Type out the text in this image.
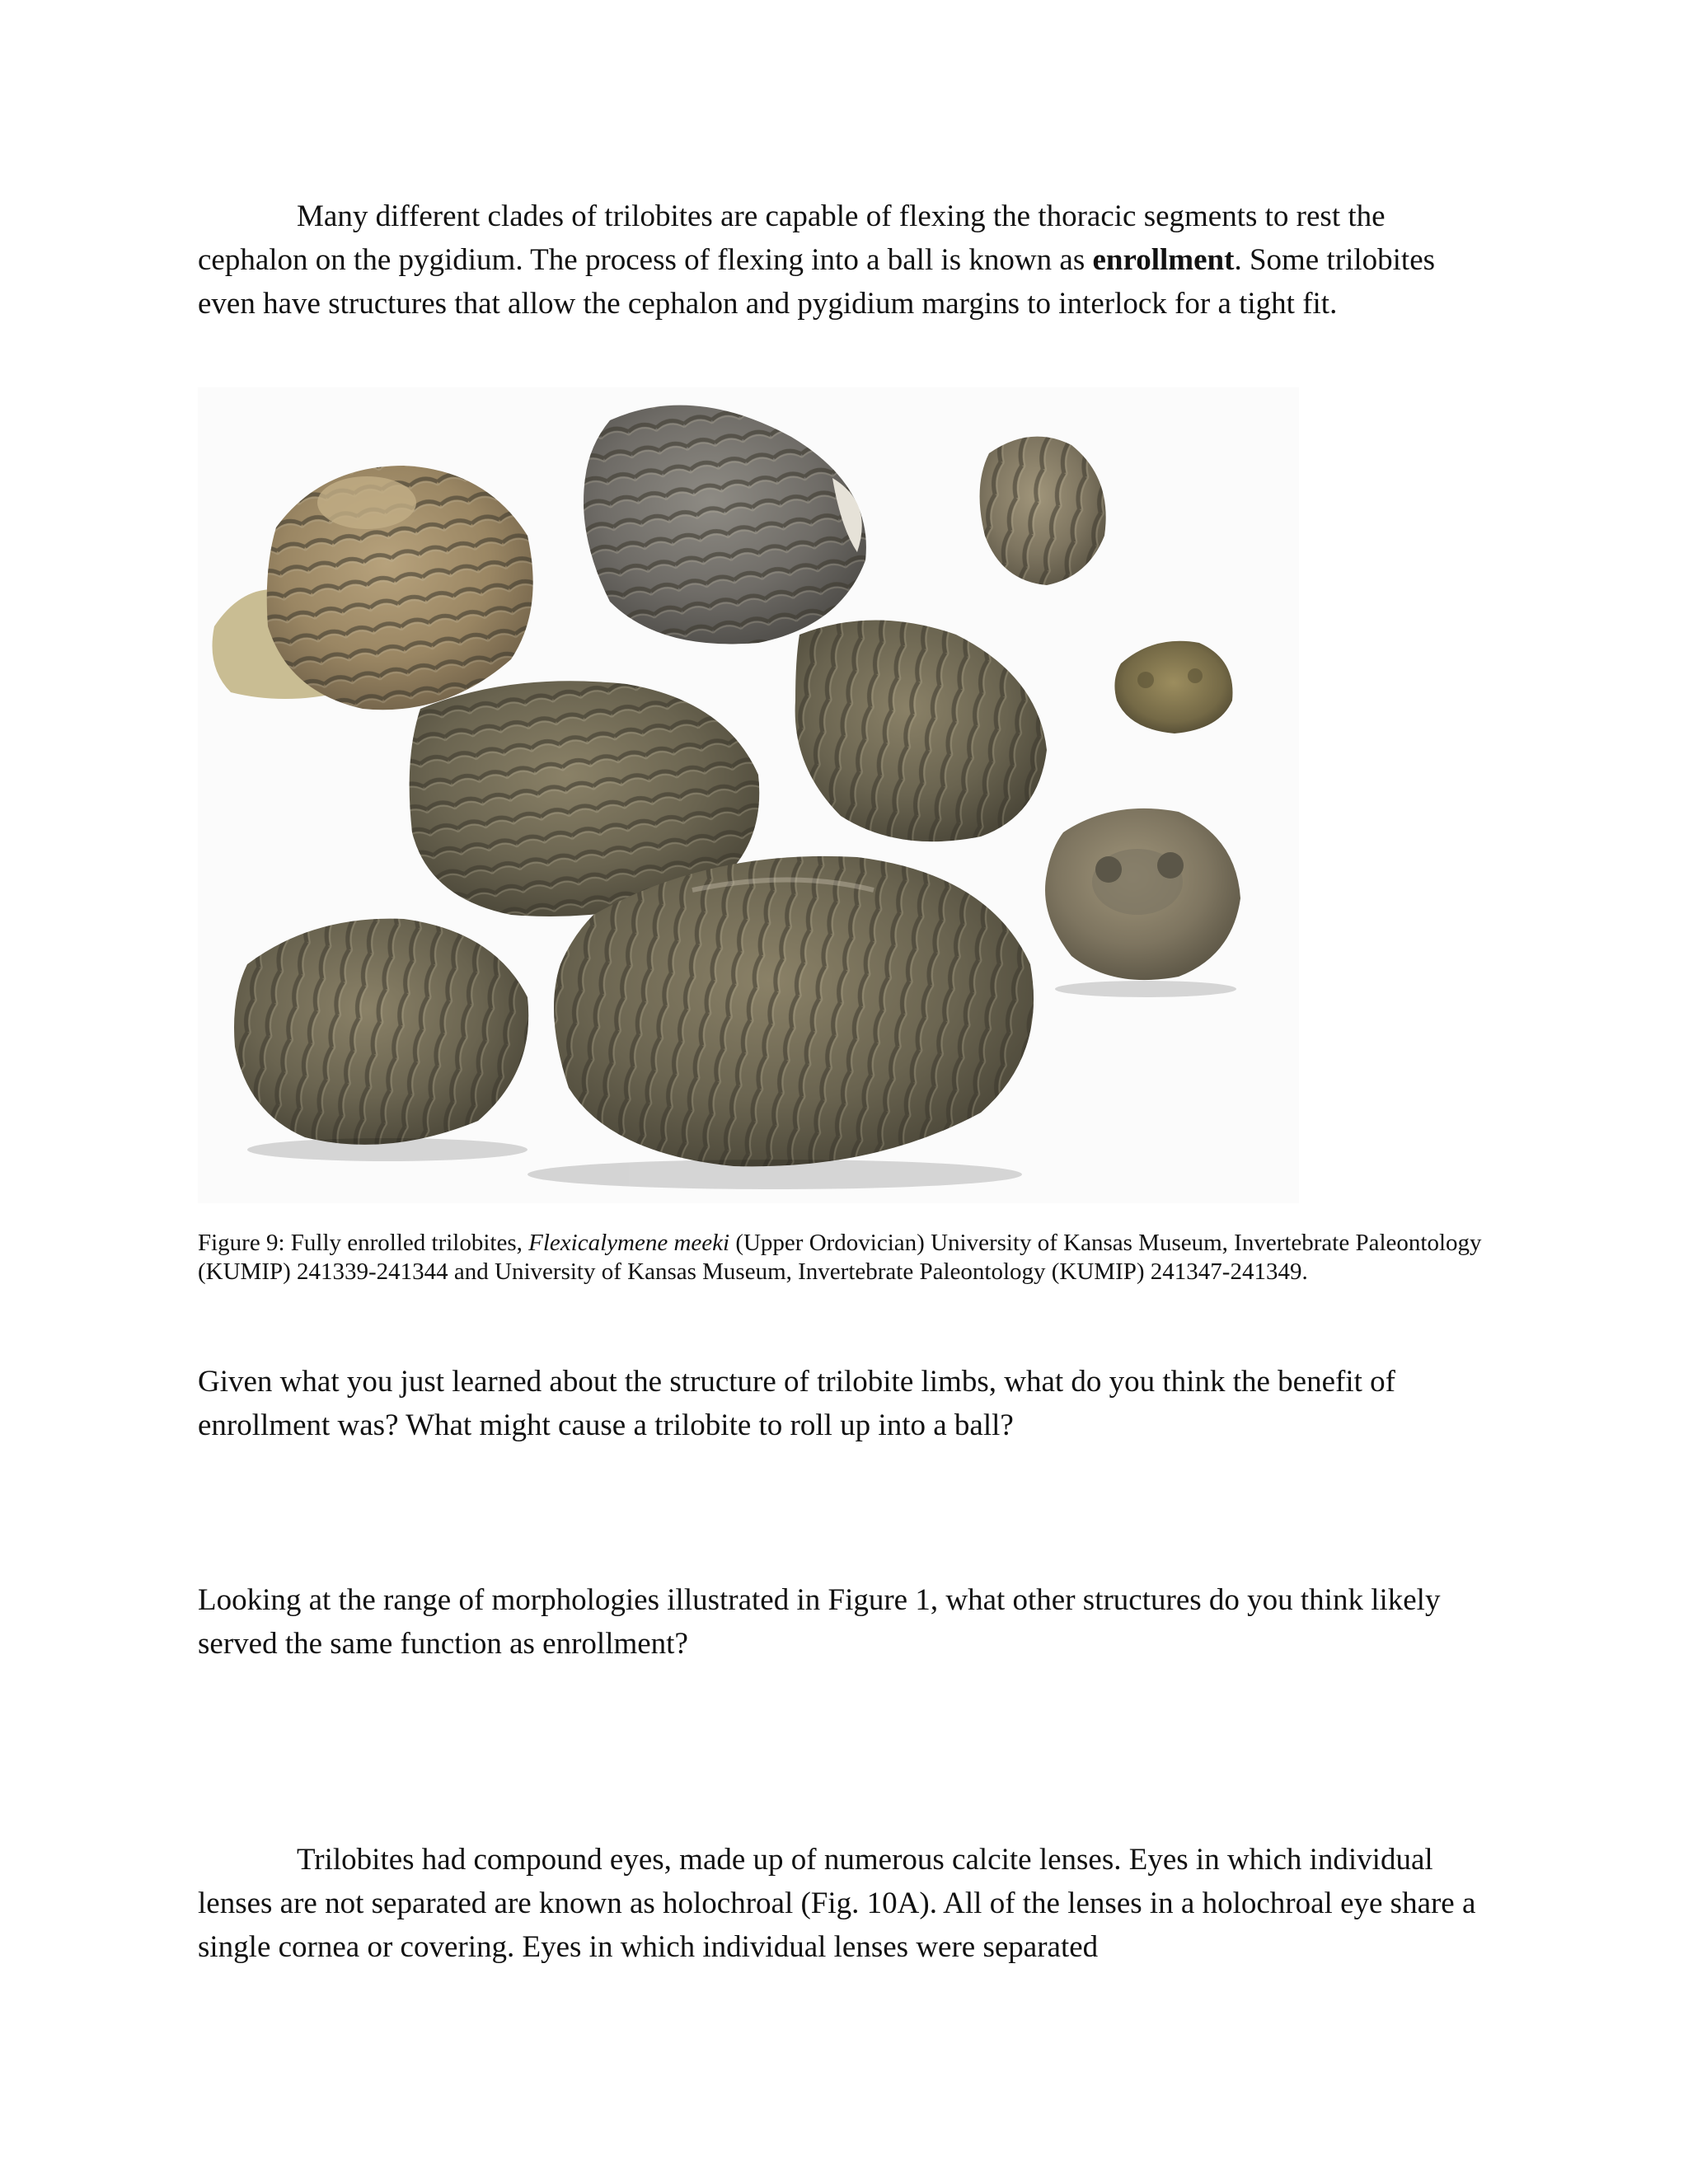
Many different clades of trilobites are capable of flexing the thoracic segments to rest the cephalon on the pygidium. The process of flexing into a ball is known as enrollment. Some trilobites even have structures that allow the cephalon and pygidium margins to interlock for a tight fit.

Figure 9: Fully enrolled trilobites, Flexicalymene meeki (Upper Ordovician) University of Kansas Museum, Invertebrate Paleontology (KUMIP) 241339-241344 and University of Kansas Museum, Invertebrate Paleontology (KUMIP) 241347-241349.

Given what you just learned about the structure of trilobite limbs, what do you think the benefit of enrollment was? What might cause a trilobite to roll up into a ball?

Looking at the range of morphologies illustrated in Figure 1, what other structures do you think likely served the same function as enrollment?

Trilobites had compound eyes, made up of numerous calcite lenses. Eyes in which individual lenses are not separated are known as holochroal (Fig. 10A). All of the lenses in a holochroal eye share a single cornea or covering. Eyes in which individual lenses were separated
